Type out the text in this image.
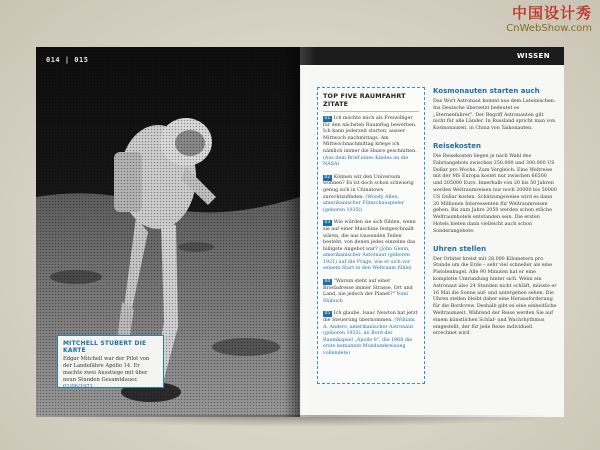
中国设计秀
CnWebShow.com
014 | 015
MITCHELL STUBERT DIE KARTE
Edgar Mitchell war der Pilot von der Landefähre Apollo 14. Er machte zwei Ausstiege mit über neun Stunden Gesamtdauer. 02/06/1971
WISSEN
TOP FIVE RAUMFAHRT ZITATE
01 Ich möchte mich als Freiwilliger für den nächsten Raumflug bewerben. Ich kann jederzeit starten, ausser Mittwoch nachmittags. Am Mittwochnachmittag kriege ich nämlich immer die Haare geschnitten. (Aus dem Brief eines Kindes an die NASA)
02 Können wir den Universum wohnen? Es ist doch schon schwierig genug sich in Chinatown zurechtzufinden. (Woody Allen, amerikanischer Filmschauspieler (geboren 1935))
03 Wie würden sie sich fühlen, wenn sie auf einer Maschine festgeschnallt wären, die aus tausenden Teilen besteht, von denen jedes einzelne das billigste Angebot war? (John Glenn, amerikanischer Astronaut (geboren 1921) auf die Frage, wie er sich vor seinem Start in den Weltraum fühle)
04 "Warum steht auf einer Briefadresse immer Strasse, Ort und Land, nie jedoch der Planet?" Yomi Shibuch
05 Ich glaube, Isaac Newton hat jetzt die Steuerung übernommen. (William A. Anders, amerikanischer Astronaut (geboren 1933), an Bord der Raumkapsel „Apollo 8", die 1968 die erste bemannte Mondumkreisung vollendete)
Kosmonauten starten auch
Das Wort Astronaut kommt aus dem Lateinischen. Ins Deutsche übersetzt bedeutet es „Sternenfahrer". Der Begriff Astronauten gilt nicht für alle Länder. In Russland spricht man von Kosmonauten, in China von Taikonauten.
Reisekosten
Die Reisekosten liegen je nach Wahl des Fahrtangebots zwischen 250.000 und 300.000 US Dollar pro Woche. Zum Vergleich: Eine Weltreise mit der MS Europa kostet nur zwischen 66500 und 205000 Euro. Innerhalb von 20 bis 50 Jahren werden Weltraumreisen nur noch 20000 bis 50000 US Dollar kosten. Schätzungsweise wird es dann 20 Millionen Interessenten für Weltraumreisen geben. Bis zum Jahre 2050 werden schon etliche Weltraumhotels entstanden sein. Die ersten Hotels bieten dann vielleicht auch schon Sonderangebote.
Uhren stellen
Der Orbiter kreist mit 28.000 Kilometern pro Stunde um die Erde – sehr viel schneller als eine Pistolenkugel. Alle 90 Minuten hat er eine komplette Umrundung hinter sich. Wenn ein Astronaut also 24 Stunden nicht schläft, müsste er 16 Mal die Sonne auf- und untergehen sehen. Die Uhren stellen bleibt daher eine Herausforderung für die Bordcrew. Deshalb gibt es eine einheitliche Weltraumzeit. Während der Reise werden Sie auf einem künstlichen Schlaf- und Wachrhythmus eingestellt, der für jede Reise individuell errechnet wird.
